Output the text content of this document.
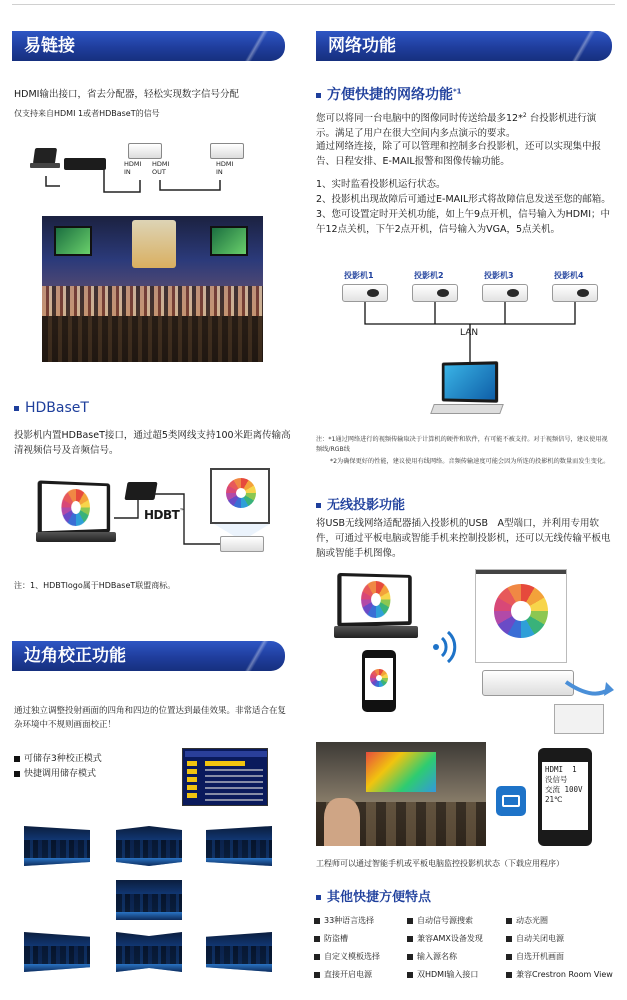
易链接
HDMI输出接口，省去分配器，轻松实现数字信号分配
仅支持来自HDMI 1或者HDBaseT的信号
HDMI
IN
HDMI
OUT
HDMI
IN
HDBaseT
投影机内置HDBaseT接口，通过超5类网线支持100米距离传输高清视频信号及音频信号。
HDBT™
注：1、HDBTlogo属于HDBaseT联盟商标。
边角校正功能
通过独立调整投射画面的四角和四边的位置达到最佳效果。非常适合在复杂环境中不规则画面校正！
可储存3种校正模式
快捷调用储存模式
网络功能
方便快捷的网络功能$^{*1}$
您可以将同一台电脑中的图像同时传送给最多12*$^2$ 台投影机进行演示。满足了用户在很大空间内多点演示的要求。
通过网络连接，除了可以管理和控制多台投影机，还可以实现集中报告、日程安排、E-MAIL报警和图像传输功能。
1、实时监看投影机运行状态。
2、投影机出现故障后可通过E-MAIL形式将故障信息发送至您的邮箱。
3、您可设置定时开关机功能，如上午9点开机，信号输入为HDMI；中午12点关机，下午2点开机，信号输入为VGA，5点关机。
投影机1	投影机2	投影机3	投影机4
LAN
注：*1通过网络进行的视频传输取决于计算机的硬件和软件，有可能不被支持。对于视频信号，建议使用视频线/RGB线
*2为确保更好的性能，建议使用有线网络。音频传输速度可能会因为所连的投影机的数量而发生变化。
无线投影功能
将USB无线网络适配器插入投影机的USB　A型端口，并利用专用软件，可通过平板电脑或智能手机来控制投影机，还可以无线传输平板电脑或智能手机图像。
HDMI  1
没信号
交流 100V
21℃
工程师可以通过智能手机或平板电脑监控投影机状态（下载应用程序）
其他快捷方便特点
33种语言选择	自动信号源搜索	动态光圈
防盗槽	兼容AMX设备发现	自动关闭电源
自定义模板选择	输入源名称	自选开机画面
直接开启电源	双HDMI输入接口	兼容Crestron Room View
